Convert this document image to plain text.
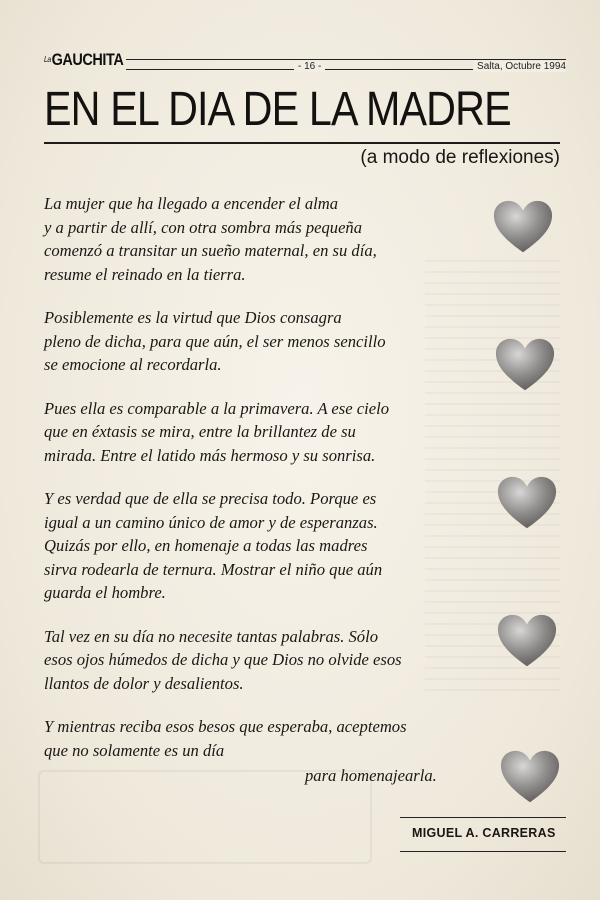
LaGAUCHITA	- 16 -	Salta, Octubre 1994
EN EL DIA DE LA MADRE
(a modo de reflexiones)
La mujer que ha llegado a encender el alma
y a partir de allí, con otra sombra más pequeña
comenzó a transitar un sueño maternal, en su día,
resume el reinado en la tierra.
Posiblemente es la virtud que Dios consagra
pleno de dicha, para que aún, el ser menos sencillo
se emocione al recordarla.
Pues ella es comparable a la primavera. A ese cielo
que en éxtasis se mira, entre la brillantez de su
mirada. Entre el latido más hermoso y su sonrisa.
Y es verdad que de ella se precisa todo. Porque es
igual a un camino único de amor y de esperanzas.
Quizás por ello, en homenaje a todas las madres
sirva rodearla de ternura. Mostrar el niño que aún
guarda el hombre.
Tal vez en su día no necesite tantas palabras. Sólo
esos ojos húmedos de dicha y que Dios no olvide esos
llantos de dolor y desalientos.
Y mientras reciba esos besos que esperaba, aceptemos
que no solamente es un día
para homenajearla.
MIGUEL A. CARRERAS
